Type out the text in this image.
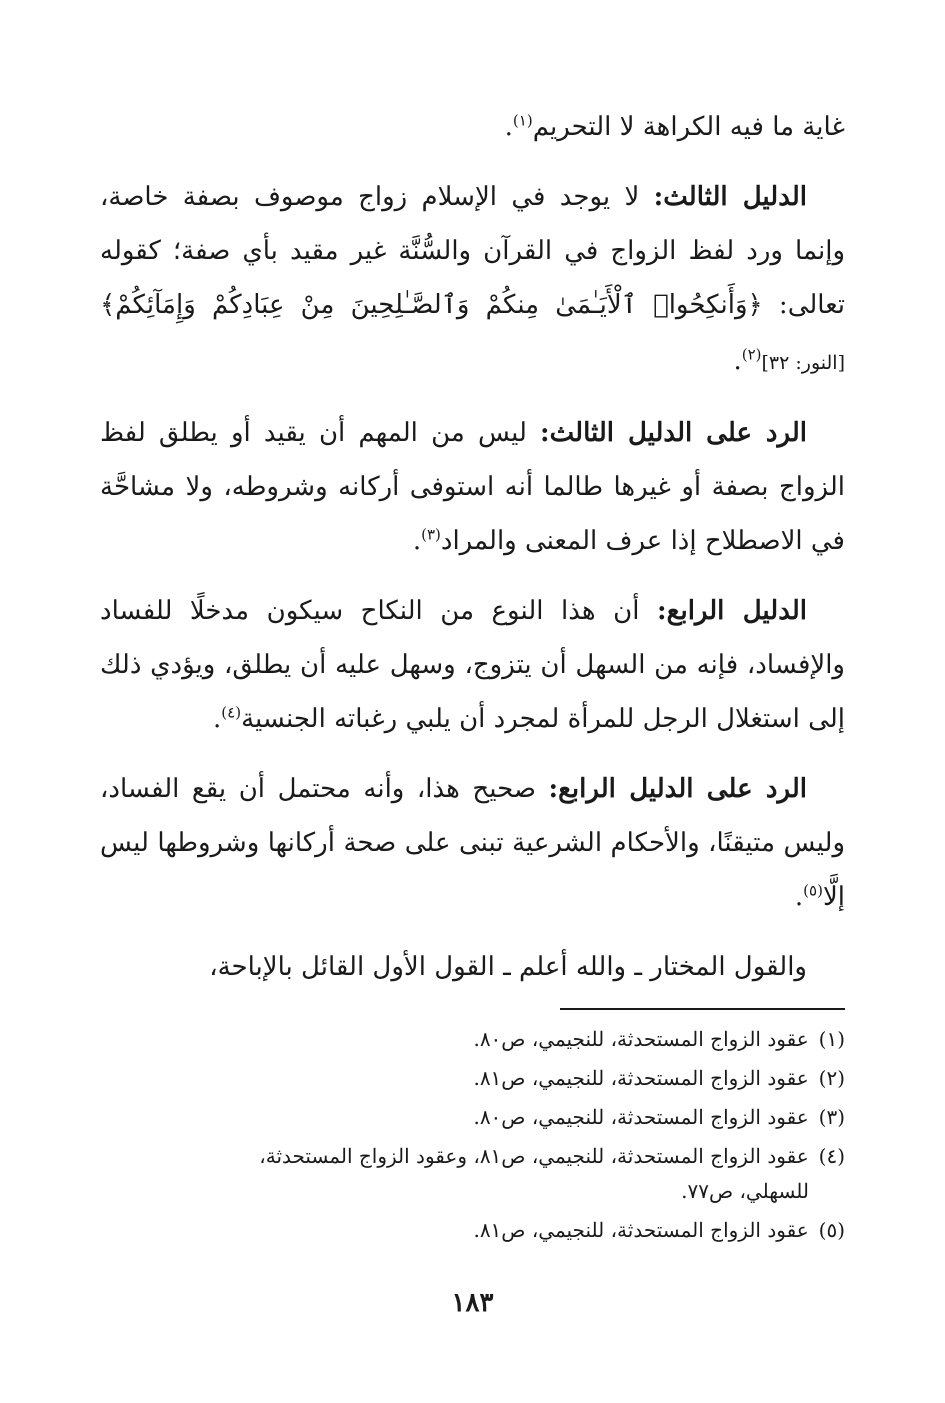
غاية ما فيه الكراهة لا التحريم$^{(١)}$.

الدليل الثالث: لا يوجد في الإسلام زواج موصوف بصفة خاصة، وإنما ورد لفظ الزواج في القرآن والسُّنَّة غير مقيد بأي صفة؛ كقوله تعالى: ﴿وَأَنكِحُوا۟ ٱلْأَيَـٰمَىٰ مِنكُمْ وَٱلصَّـٰلِحِينَ مِنْ عِبَادِكُمْ وَإِمَآئِكُمْ﴾ [النور: ٣٢]$^{(٢)}$.

الرد على الدليل الثالث: ليس من المهم أن يقيد أو يطلق لفظ الزواج بصفة أو غيرها طالما أنه استوفى أركانه وشروطه، ولا مشاحَّة في الاصطلاح إذا عرف المعنى والمراد$^{(٣)}$.

الدليل الرابع: أن هذا النوع من النكاح سيكون مدخلًا للفساد والإفساد، فإنه من السهل أن يتزوج، وسهل عليه أن يطلق، ويؤدي ذلك إلى استغلال الرجل للمرأة لمجرد أن يلبي رغباته الجنسية$^{(٤)}$.

الرد على الدليل الرابع: صحيح هذا، وأنه محتمل أن يقع الفساد، وليس متيقنًا، والأحكام الشرعية تبنى على صحة أركانها وشروطها ليس إلَّا$^{(٥)}$.

والقول المختار ـ والله أعلم ـ القول الأول القائل بالإباحة،

(١) عقود الزواج المستحدثة، للنجيمي، ص٨٠.
(٢) عقود الزواج المستحدثة، للنجيمي، ص٨١.
(٣) عقود الزواج المستحدثة، للنجيمي، ص٨٠.
(٤) عقود الزواج المستحدثة، للنجيمي، ص٨١، وعقود الزواج المستحدثة،
للسهلي، ص٧٧.
(٥) عقود الزواج المستحدثة، للنجيمي، ص٨١.
١٨٣
